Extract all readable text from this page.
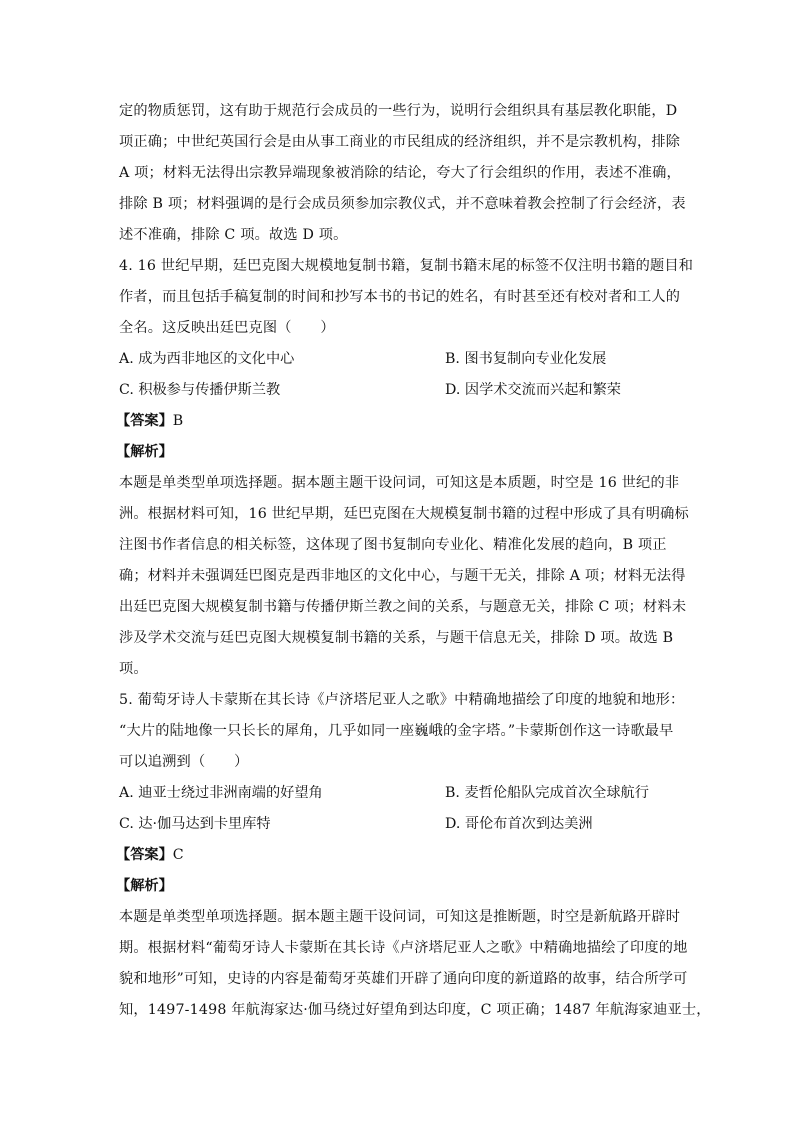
定的物质惩罚，这有助于规范行会成员的一些行为，说明行会组织具有基层教化职能，D
项正确；中世纪英国行会是由从事工商业的市民组成的经济组织，并不是宗教机构，排除
A 项；材料无法得出宗教异端现象被消除的结论，夸大了行会组织的作用，表述不准确，
排除 B 项；材料强调的是行会成员须参加宗教仪式，并不意味着教会控制了行会经济，表
述不准确，排除 C 项。故选 D 项。
4. 16 世纪早期，廷巴克图大规模地复制书籍，复制书籍末尾的标签不仅注明书籍的题目和
作者，而且包括手稿复制的时间和抄写本书的书记的姓名，有时甚至还有校对者和工人的
全名。这反映出廷巴克图（　　）
A. 成为西非地区的文化中心	B. 图书复制向专业化发展
C. 积极参与传播伊斯兰教	D. 因学术交流而兴起和繁荣
【答案】B
【解析】
本题是单类型单项选择题。据本题主题干设问词，可知这是本质题，时空是 16 世纪的非
洲。根据材料可知，16 世纪早期，廷巴克图在大规模复制书籍的过程中形成了具有明确标
注图书作者信息的相关标签，这体现了图书复制向专业化、精准化发展的趋向，B 项正
确；材料并未强调廷巴图克是西非地区的文化中心，与题干无关，排除 A 项；材料无法得
出廷巴克图大规模复制书籍与传播伊斯兰教之间的关系，与题意无关，排除 C 项；材料未
涉及学术交流与廷巴克图大规模复制书籍的关系，与题干信息无关，排除 D 项。故选 B
项。
5. 葡萄牙诗人卡蒙斯在其长诗《卢济塔尼亚人之歌》中精确地描绘了印度的地貌和地形：
“大片的陆地像一只长长的犀角，几乎如同一座巍峨的金字塔。”卡蒙斯创作这一诗歌最早
可以追溯到（　　）
A. 迪亚士绕过非洲南端的好望角	B. 麦哲伦船队完成首次全球航行
C. 达·伽马达到卡里库特	D. 哥伦布首次到达美洲
【答案】C
【解析】
本题是单类型单项选择题。据本题主题干设问词，可知这是推断题，时空是新航路开辟时
期。根据材料“葡萄牙诗人卡蒙斯在其长诗《卢济塔尼亚人之歌》中精确地描绘了印度的地
貌和地形”可知，史诗的内容是葡萄牙英雄们开辟了通向印度的新道路的故事，结合所学可
知，1497-1498 年航海家达·伽马绕过好望角到达印度，C 项正确；1487 年航海家迪亚士，
